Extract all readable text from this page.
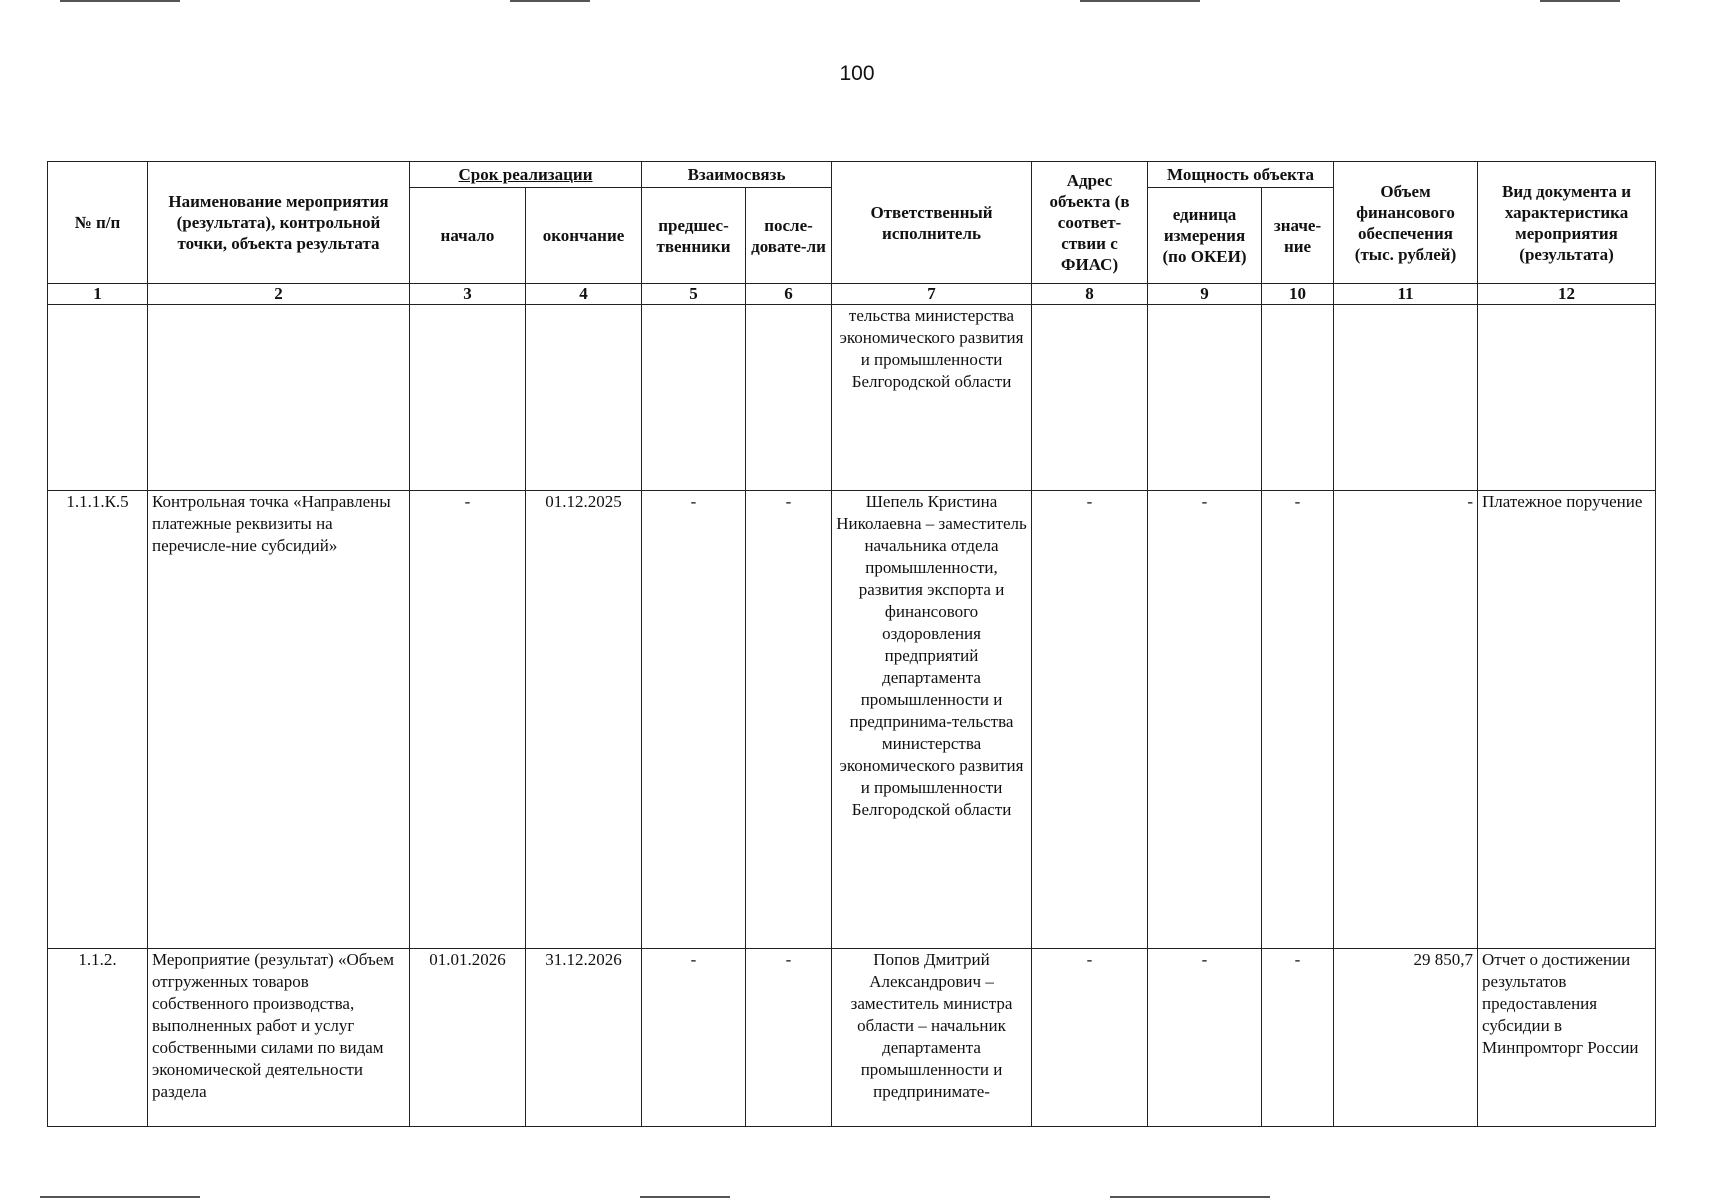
100
№ п/п	Наименование мероприятия (результата), контрольной точки, объекта результата	Срок реализации		Взаимосвязь		Ответственный исполнитель	Адрес объекта (в соответ-ствии с ФИАС)	Мощность объекта		Объем финансового обеспечения (тыс. рублей)	Вид документа и характеристика мероприятия (результата)
		начало	окончание	предшес-твенники	после-довате-ли			единица измерения (по ОКЕИ)	значе-ние		
1	2	3	4	5	6	7	8	9	10	11	12
						тельства министерства экономического развития и промышленности Белгородской области					
1.1.1.К.5	Контрольная точка «Направлены платежные реквизиты на перечисле-ние субсидий»	-	01.12.2025	-	-	Шепель Кристина Николаевна – заместитель начальника отдела промышленности, развития экспорта и финансового оздоровления предприятий департамента промышленности и предпринима-тельства министерства экономического развития и промышленности Белгородской области	-	-	-	-	Платежное поручение
1.1.2.	Мероприятие (результат) «Объем отгруженных товаров собственного производства, выполненных работ и услуг собственными силами по видам экономической деятельности раздела	01.01.2026	31.12.2026	-	-	Попов Дмитрий Александрович – заместитель министра области – начальник департамента промышленности и предпринимате-	-	-	-	29 850,7	Отчет о достижении результатов предоставления субсидии в Минпромторг России
